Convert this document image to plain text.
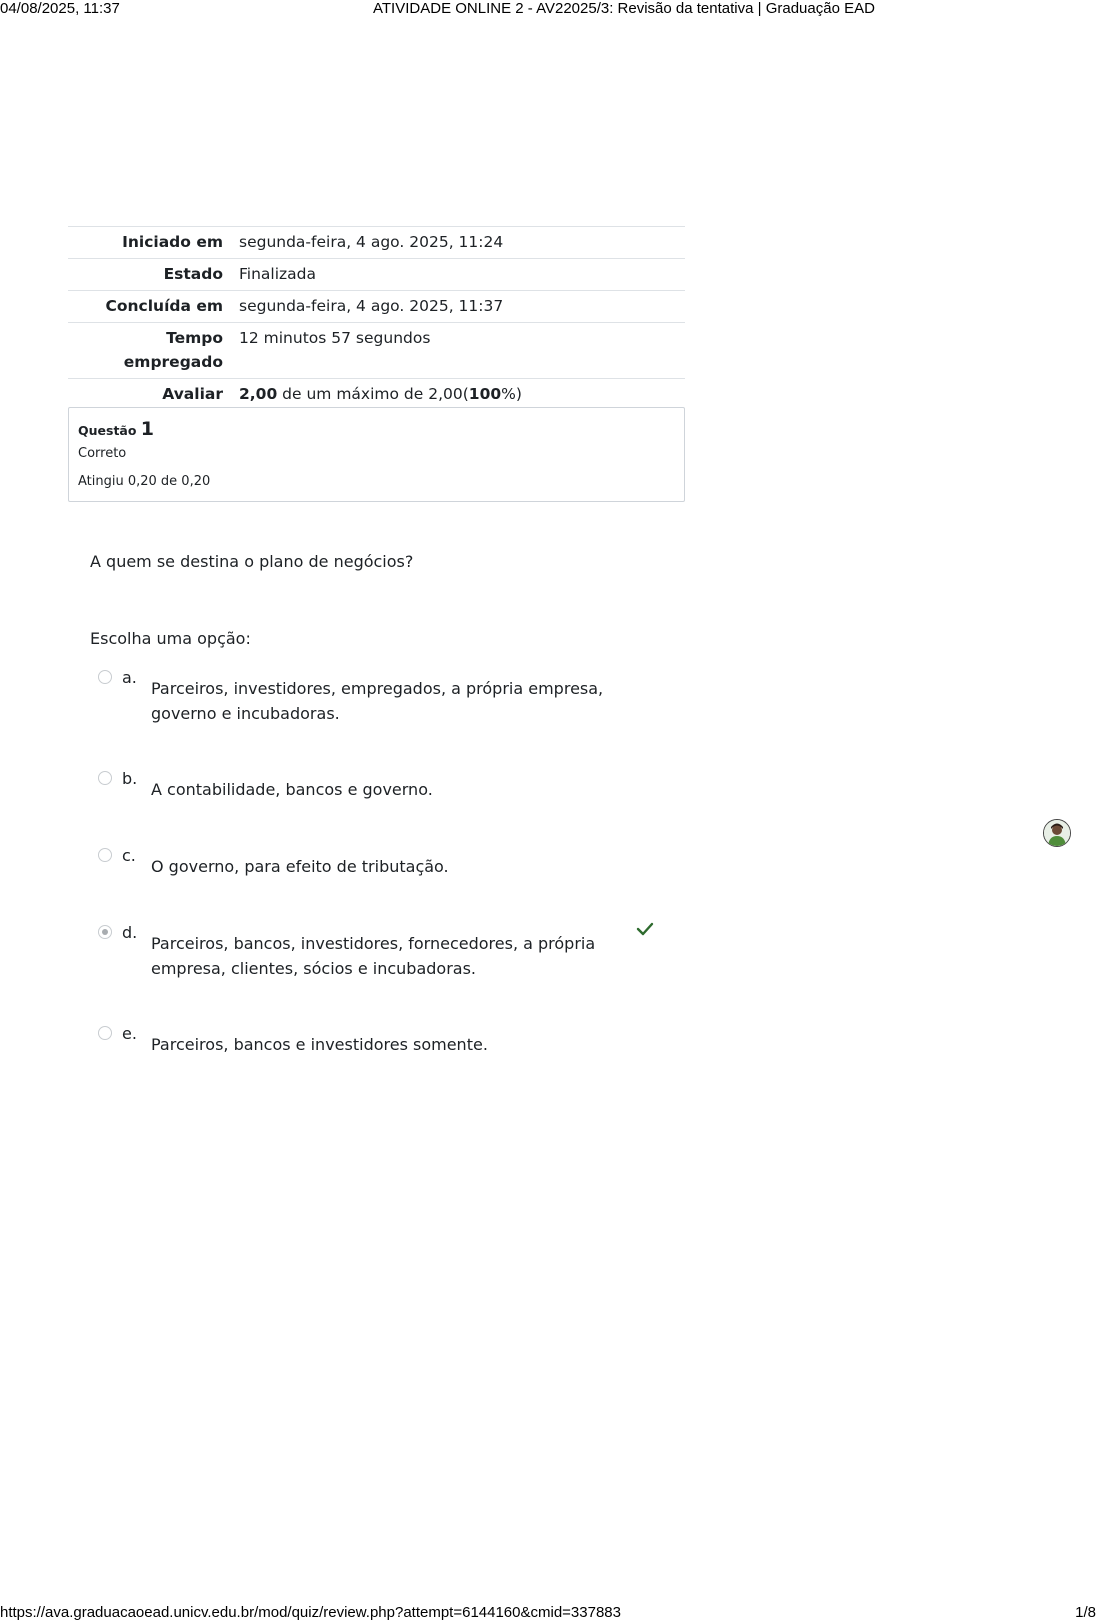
04/08/2025, 11:37	ATIVIDADE ONLINE 2 - AV22025/3: Revisão da tentativa | Graduação EAD
Iniciado em	segunda-feira, 4 ago. 2025, 11:24
Estado	Finalizada
Concluída em	segunda-feira, 4 ago. 2025, 11:37
Tempo
empregado	12 minutos 57 segundos
Avaliar	2,00 de um máximo de 2,00(100%)
Questão 1
Correto
Atingiu 0,20 de 0,20
A quem se destina o plano de negócios?
Escolha uma opção:
a.
Parceiros, investidores, empregados, a própria empresa, governo e incubadoras.
b.
A contabilidade, bancos e governo.
c.
O governo, para efeito de tributação.
d.
Parceiros, bancos, investidores, fornecedores, a própria empresa, clientes, sócios e incubadoras.
e.
Parceiros, bancos e investidores somente.
https://ava.graduacaoead.unicv.edu.br/mod/quiz/review.php?attempt=6144160&cmid=337883	1/8
